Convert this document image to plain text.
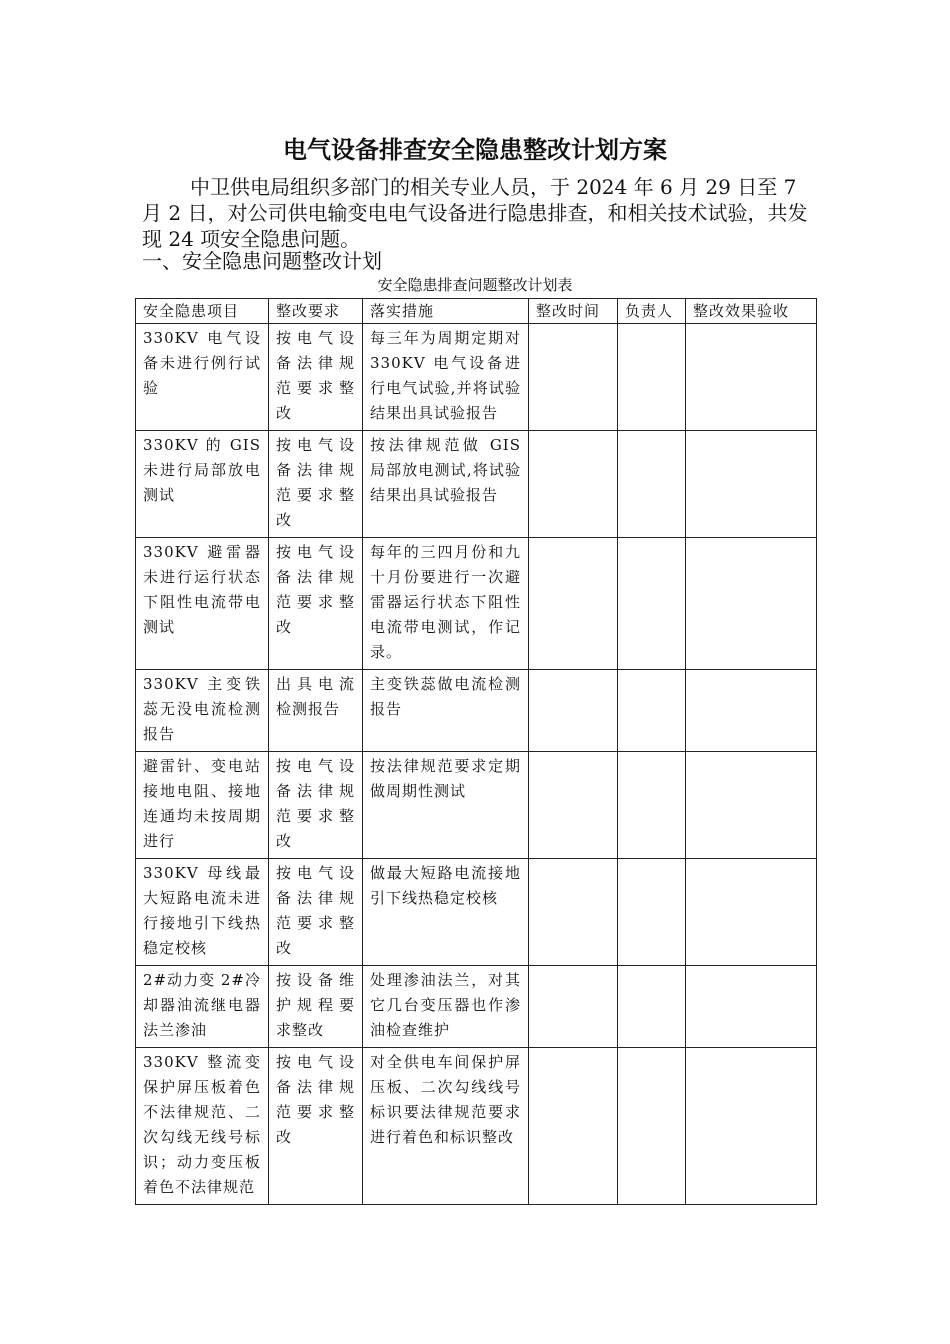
电气设备排查安全隐患整改计划方案

中卫供电局组织多部门的相关专业人员，于 2024 年 6 月 29 日至 7 月 2 日，对公司供电输变电电气设备进行隐患排查，和相关技术试验，共发现 24 项安全隐患问题。

一、安全隐患问题整改计划

安全隐患排查问题整改计划表
安全隐患项目	整改要求	落实措施	整改时间	负责人	整改效果验收
330KV 电气设备未进行例行试验	按电气设备法律规范要求整改	每三年为周期定期对 330KV 电气设备进行电气试验,并将试验结果出具试验报告			
330KV 的 GIS 未进行局部放电测试	按电气设备法律规范要求整改	按法律规范做 GIS 局部放电测试,将试验结果出具试验报告			
330KV 避雷器未进行运行状态下阻性电流带电测试	按电气设备法律规范要求整改	每年的三四月份和九十月份要进行一次避雷器运行状态下阻性电流带电测试，作记录。			
330KV 主变铁蕊无没电流检测报告	出具电流检测报告	主变铁蕊做电流检测报告			
避雷针、变电站接地电阻、接地连通均未按周期进行	按电气设备法律规范要求整改	按法律规范要求定期做周期性测试			
330KV 母线最大短路电流未进行接地引下线热稳定校核	按电气设备法律规范要求整改	做最大短路电流接地引下线热稳定校核			
2#动力变 2#冷却器油流继电器法兰渗油	按设备维护规程要求整改	处理渗油法兰，对其它几台变压器也作渗油检查维护			
330KV 整流变保护屏压板着色不法律规范、二次勾线无线号标识；动力变压板着色不法律规范	按电气设备法律规范要求整改	对全供电车间保护屏压板、二次勾线线号标识要法律规范要求进行着色和标识整改			
